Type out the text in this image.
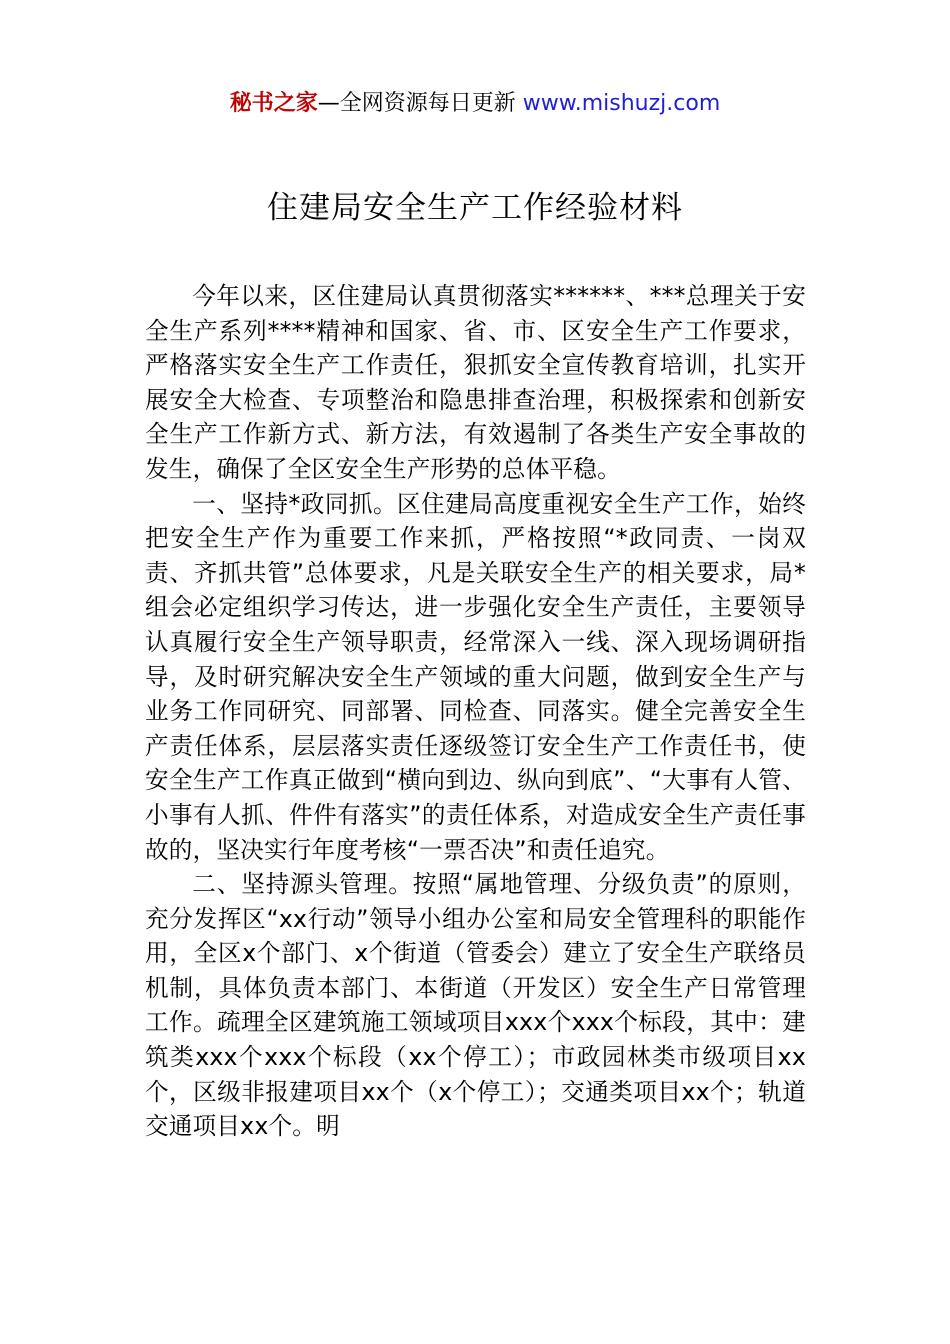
秘书之家—全网资源每日更新 www.mishuzj.com
住建局安全生产工作经验材料

今年以来，区住建局认真贯彻落实******、***总理关于安全生产系列****精神和国家、省、市、区安全生产工作要求，严格落实安全生产工作责任，狠抓安全宣传教育培训，扎实开展安全大检查、专项整治和隐患排查治理，积极探索和创新安全生产工作新方式、新方法，有效遏制了各类生产安全事故的发生，确保了全区安全生产形势的总体平稳。

一、坚持*政同抓。区住建局高度重视安全生产工作，始终把安全生产作为重要工作来抓，严格按照“*政同责、一岗双责、齐抓共管”总体要求，凡是关联安全生产的相关要求，局*组会必定组织学习传达，进一步强化安全生产责任，主要领导认真履行安全生产领导职责，经常深入一线、深入现场调研指导，及时研究解决安全生产领域的重大问题，做到安全生产与业务工作同研究、同部署、同检查、同落实。健全完善安全生产责任体系，层层落实责任逐级签订安全生产工作责任书，使安全生产工作真正做到“横向到边、纵向到底”、“大事有人管、小事有人抓、件件有落实”的责任体系，对造成安全生产责任事故的，坚决实行年度考核“一票否决”和责任追究。

二、坚持源头管理。按照“属地管理、分级负责”的原则，充分发挥区“xx行动”领导小组办公室和局安全管理科的职能作用，全区x个部门、x个街道（管委会）建立了安全生产联络员机制，具体负责本部门、本街道（开发区）安全生产日常管理工作。疏理全区建筑施工领域项目xxx个xxx个标段，其中：建筑类xxx个xxx个标段（xx个停工）；市政园林类市级项目xx个，区级非报建项目xx个（x个停工）；交通类项目xx个；轨道交通项目xx个。明
